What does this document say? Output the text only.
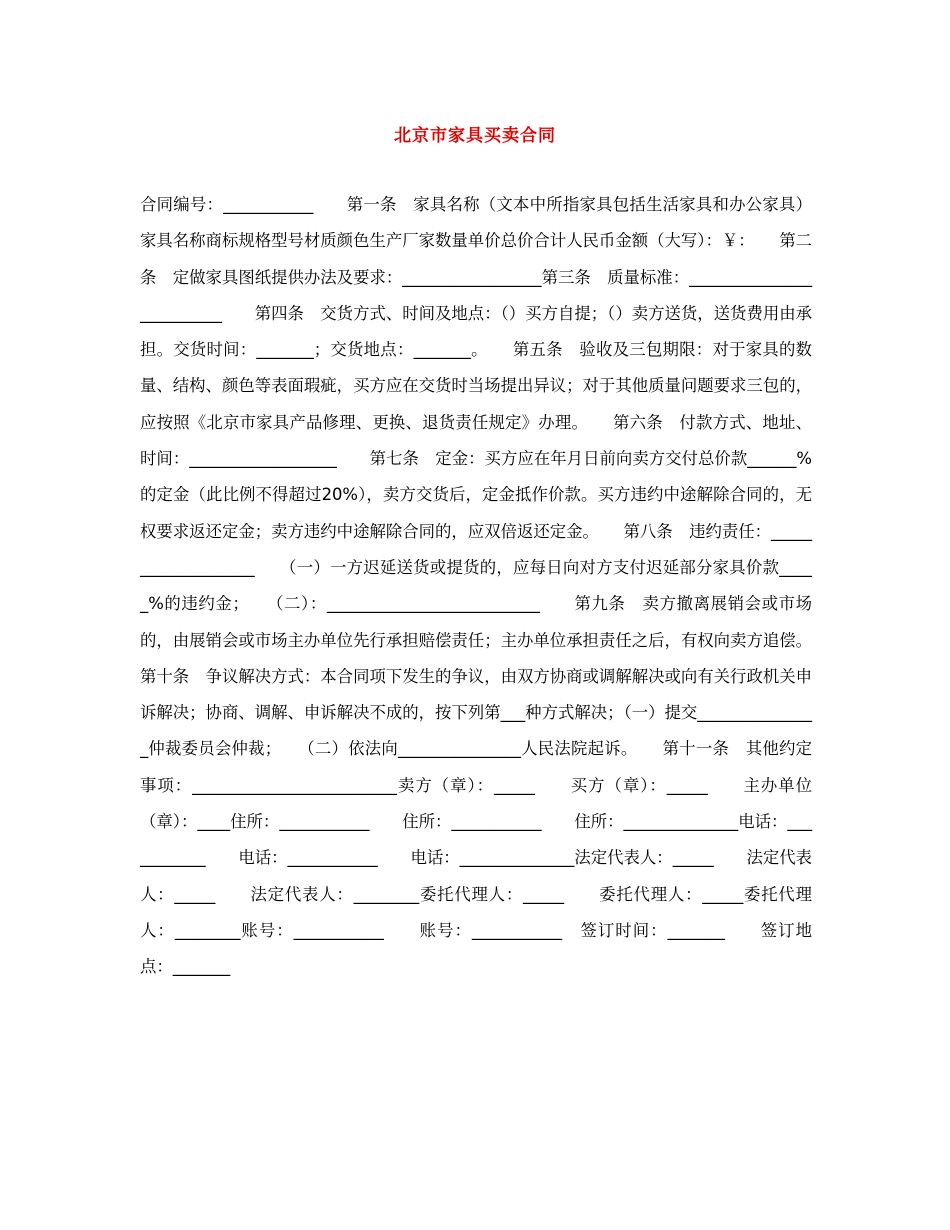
北京市家具买卖合同

合同编号：___________　　第一条　家具名称（文本中所指家具包括生活家具和办公家具）家具名称商标规格型号材质颜色生产厂家数量单价总价合计人民币金额（大写）：￥：　　第二条　定做家具图纸提供办法及要求：_________________第三条　质量标准：_________________________　　第四条　交货方式、时间及地点：（）买方自提；（）卖方送货，送货费用由承担。交货时间：_______；交货地点：_______。　　第五条　验收及三包期限：对于家具的数量、结构、颜色等表面瑕疵，买方应在交货时当场提出异议；对于其他质量问题要求三包的，应按照《北京市家具产品修理、更换、退货责任规定》办理。　　第六条　付款方式、地址、时间：__________________　　第七条　定金：买方应在年月日前向卖方交付总价款______%的定金（此比例不得超过20%），卖方交货后，定金抵作价款。买方违约中途解除合同的，无权要求返还定金；卖方违约中途解除合同的，应双倍返还定金。　　第八条　违约责任：___________________　　（一）一方迟延送货或提货的，应每日向对方支付迟延部分家具价款_____%的违约金；　　（二）：__________________________　　第九条　卖方撤离展销会或市场的，由展销会或市场主办单位先行承担赔偿责任；主办单位承担责任之后，有权向卖方追偿。第十条　争议解决方式：本合同项下发生的争议，由双方协商或调解解决或向有关行政机关申诉解决；协商、调解、申诉解决不成的，按下列第___种方式解决；（一）提交_______________仲裁委员会仲裁；　　（二）依法向_______________人民法院起诉。　　第十一条　其他约定事项：_________________________卖方（章）：_____　　买方（章）：_____　　主办单位（章）：____住所：___________　　住所：___________　　住所：______________电话：___________　　电话：___________　　电话：______________法定代表人：_____　　法定代表人：_____　　法定代表人：________委托代理人：_____　　委托代理人：_____委托代理人：________账号：___________　　账号：___________　签订时间：_______　　签订地点：_______
